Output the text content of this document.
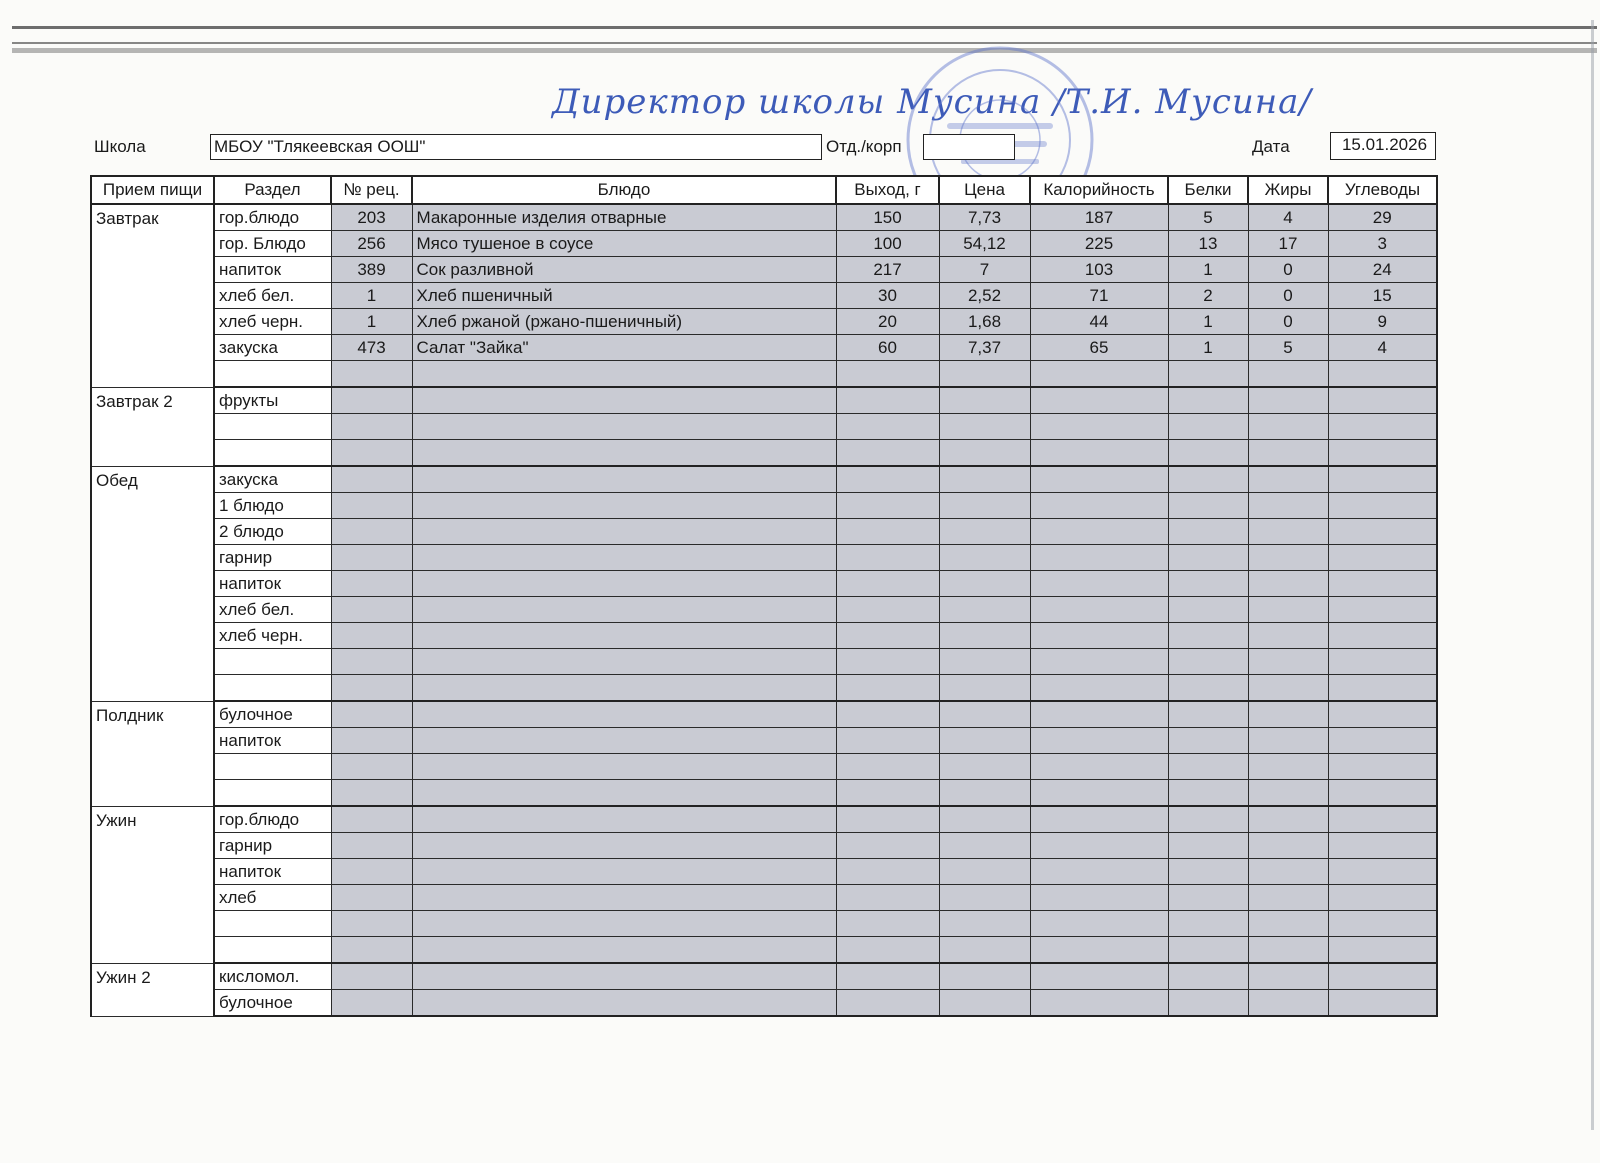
Директор школы Мусина /Т.И. Мусина/
Школа	МБОУ "Тлякеевская ООШ"	Отд./корп	Дата	15.01.2026
Прием пищи	Раздел	№ рец.	Блюдо	Выход, г	Цена	Калорийность	Белки	Жиры	Углеводы
Завтрак	гор.блюдо	203	Макаронные изделия отварные	150	7,73	187	5	4	29
	гор. Блюдо	256	Мясо тушеное в соусе	100	54,12	225	13	17	3
	напиток	389	Сок разливной	217	7	103	1	0	24
	хлеб бел.	1	Хлеб пшеничный	30	2,52	71	2	0	15
	хлеб черн.	1	Хлеб ржаной (ржано-пшеничный)	20	1,68	44	1	0	9
	закуска	473	Салат "Зайка"	60	7,37	65	1	5	4

Завтрак 2	фрукты								

Обед	закуска								
	1 блюдо								
	2 блюдо								
	гарнир								
	напиток								
	хлеб бел.								
	хлеб черн.								

Полдник	булочное								
	напиток								

Ужин	гор.блюдо								
	гарнир								
	напиток								
	хлеб								

Ужин 2	кисломол.								
	булочное								
